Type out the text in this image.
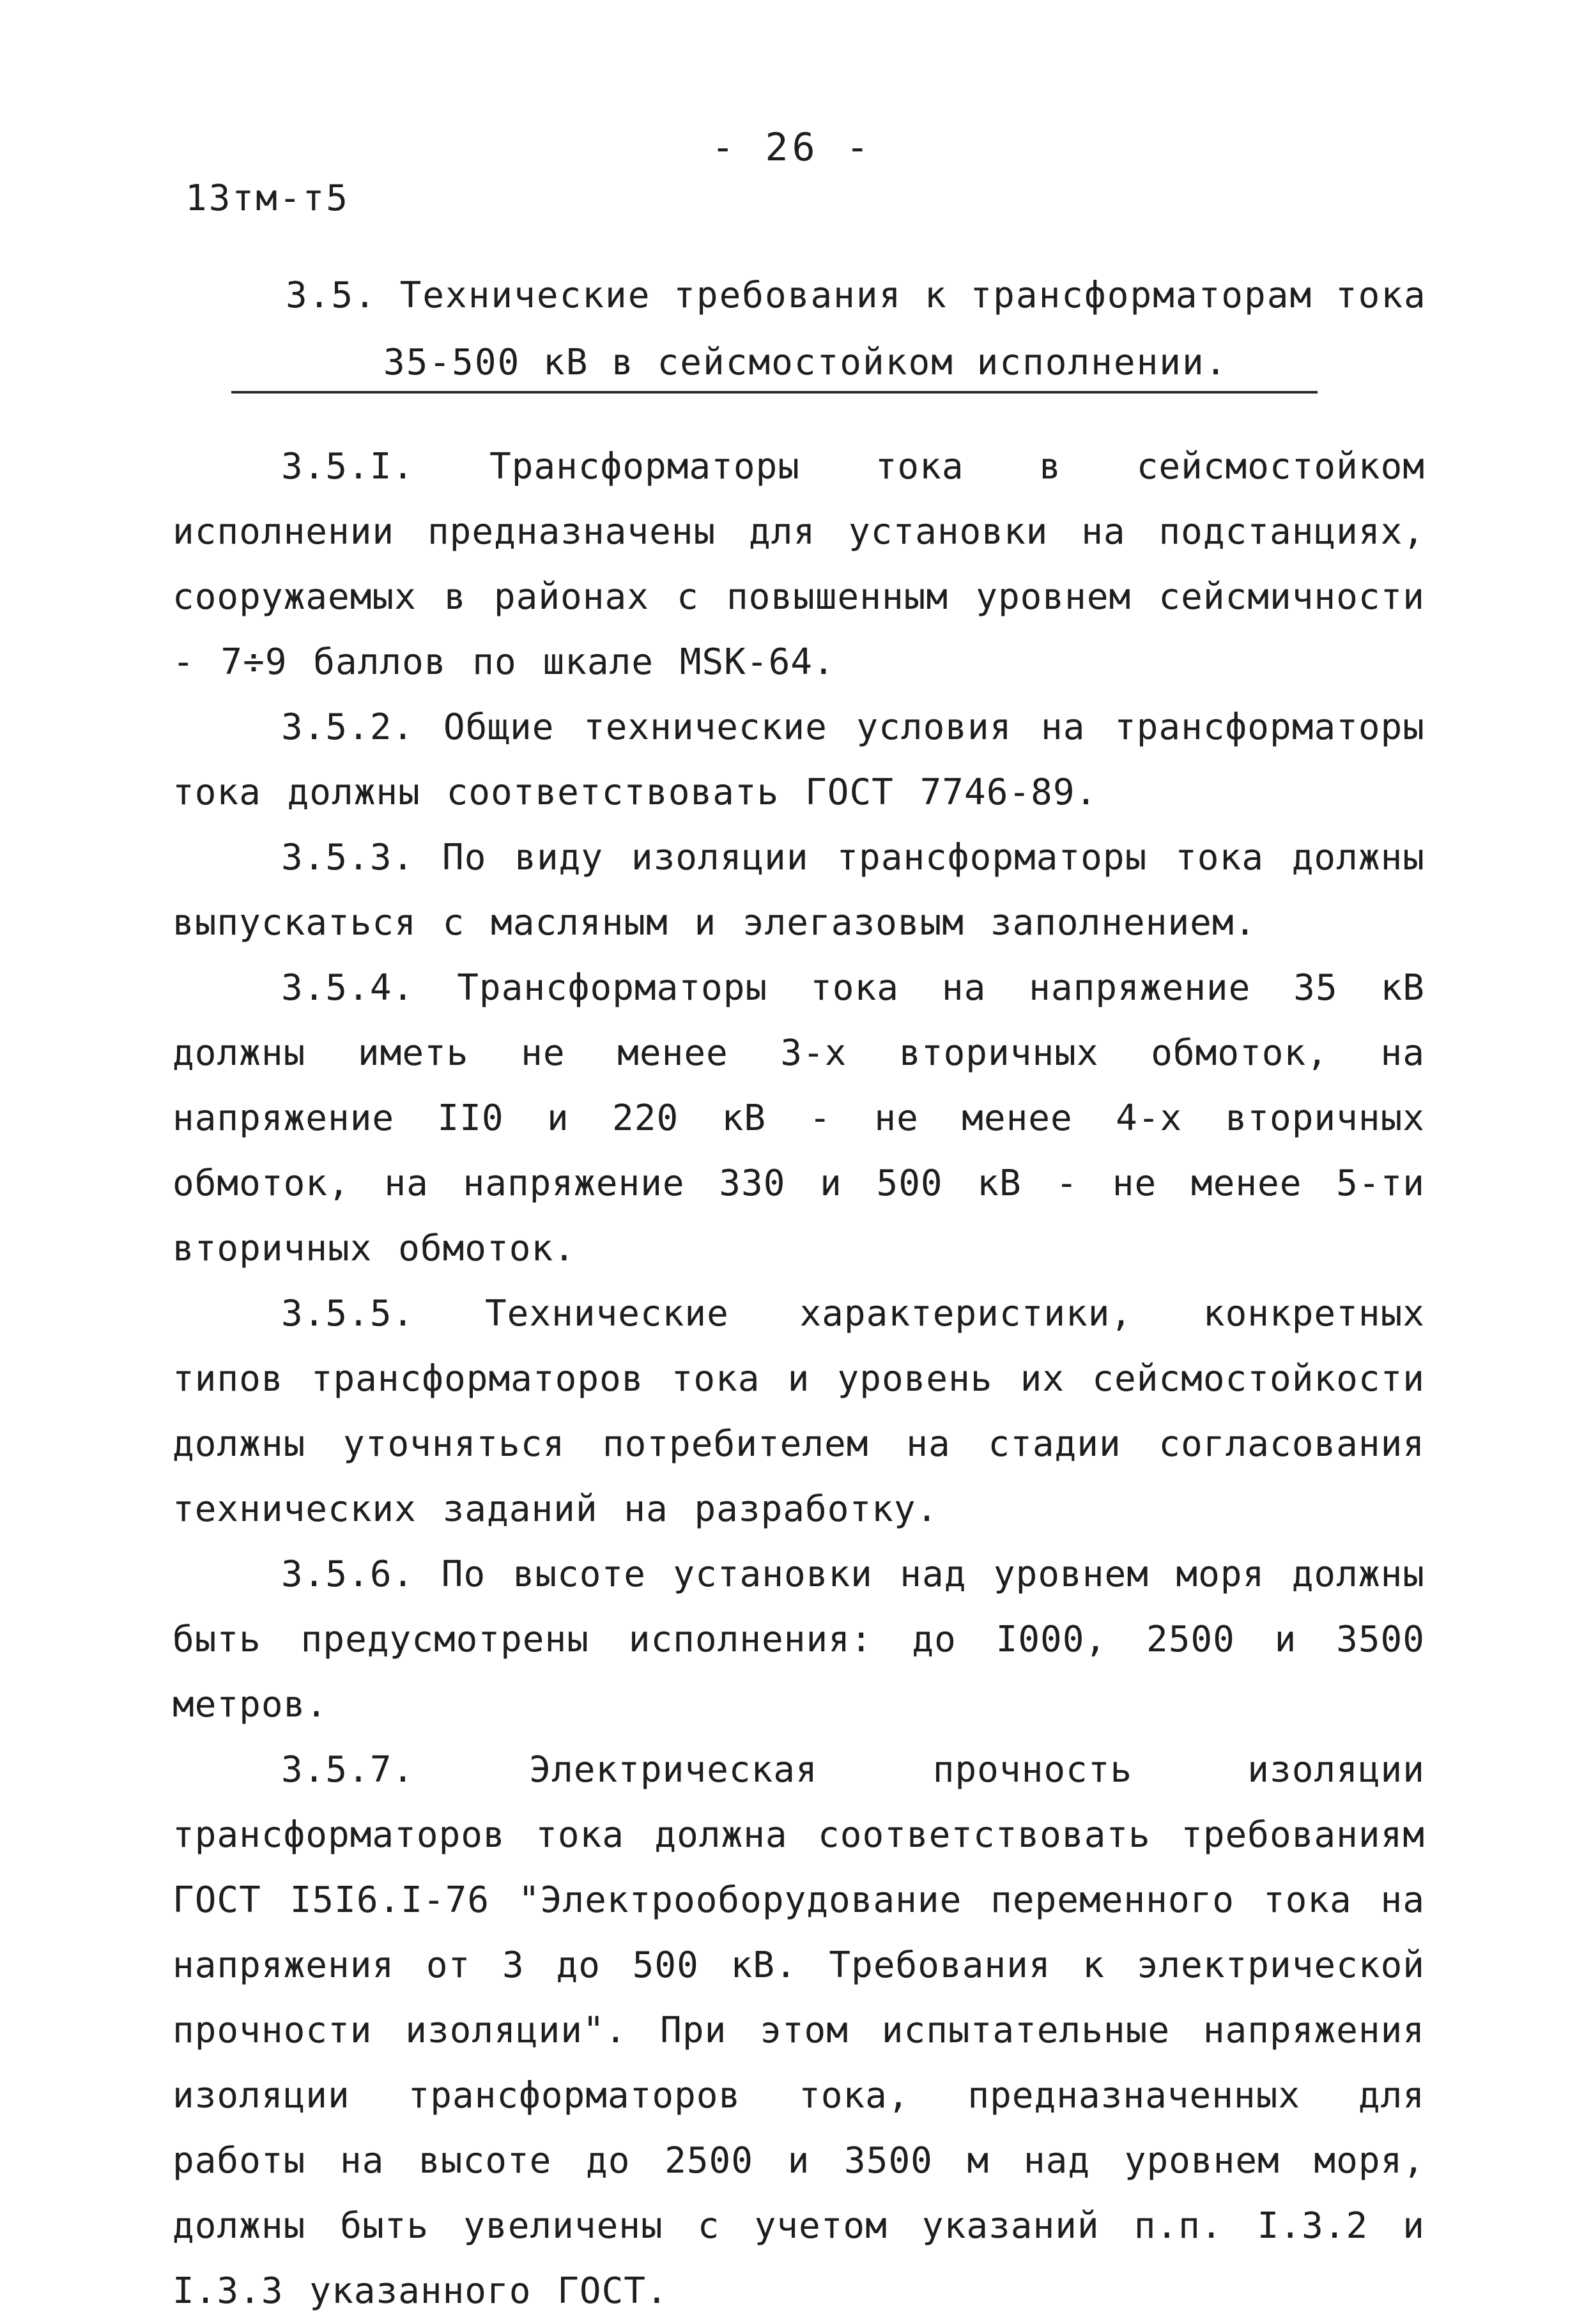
- 26 -
13тм-т5
3.5. Технические требования к трансформаторам тока
35-500 кВ в сейсмостойком исполнении.

3.5.I. Трансформаторы тока в сейсмостойком исполнении предназначены для установки на подстанциях, сооружаемых в районах с повышенным уровнем сейсмичности - 7÷9 баллов по шкале MSK-64.

3.5.2. Общие технические условия на трансформаторы тока должны соответствовать ГОСТ 7746-89.

3.5.3. По виду изоляции трансформаторы тока должны выпускаться с масляным и элегазовым заполнением.

3.5.4. Трансформаторы тока на напряжение 35 кВ должны иметь не менее 3-х вторичных обмоток, на напряжение II0 и 220 кВ - не менее 4-х вторичных обмоток, на напряжение 330 и 500 кВ - не менее 5-ти вторичных обмоток.

3.5.5. Технические характеристики, конкретных типов трансформаторов тока и уровень их сейсмостойкости должны уточняться потребителем на стадии согласования технических заданий на разработку.

3.5.6. По высоте установки над уровнем моря должны быть предусмотрены исполнения: до I000, 2500 и 3500 метров.

3.5.7. Электрическая прочность изоляции трансформаторов тока должна соответствовать требованиям ГОСТ I5I6.I-76 "Электрооборудование переменного тока на напряжения от 3 до 500 кВ. Требования к электрической прочности изоляции". При этом испытательные напряжения изоляции трансформаторов тока, предназначенных для работы на высоте до 2500 и 3500 м над уровнем моря, должны быть увеличены с учетом указаний п.п. I.3.2 и I.3.3 указанного ГОСТ.
